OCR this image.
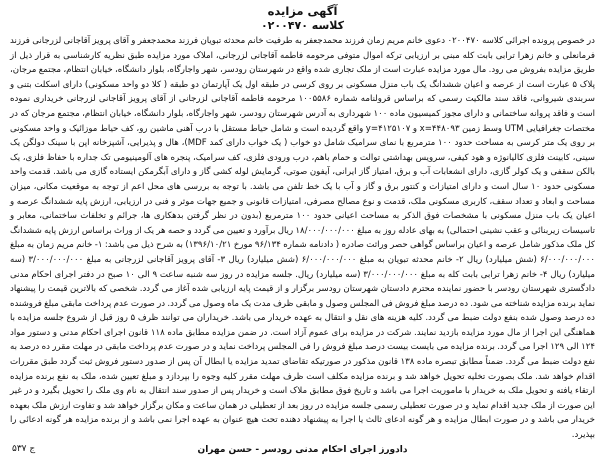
آگهی مزایده

کلاسه ۰۲۰۰۴۷۰

در خصوص پرونده اجرائی کلاسه ۰۲۰۰۴۷۰ دعوی خانم مریم زمان فرزند محمدجعفر به طرفیت خانم محدثه تبویان فرزند محمدجعفر و آقای پرویز آقاجانی لزرجانی فرزند فرمانعلی و خانم زهرا ترابی بابت کله مبنی بر ارزیابی ترکه اموال متوفی مرحومه فاطمه آقاجانی لزرجانی، املاک مورد مزایده طبق نظریه کارشناسی به قرار ذیل از طریق مزایده بفروش می رود. مال مورد مزایده عبارت است از ملک تجاری شده واقع در شهرستان رودسر، شهر واجارگاه، بلوار دانشگاه، خیابان انتظام، مجتمع مرجان، پلاک ۵ عبارت است از عرصه و اعیان ششدانگ یک باب منزل مسکونی بر روی کرسی در طبقه اول یک آپارتمان دو طبقه ( کلا دو واحد مسکونی) دارای اسکلت بتنی و سربندی شیروانی، فاقد سند مالکیت رسمی که براساس قرولنامه شماره ۱۰۰۵۵۸۶ مرحومه فاطمه آقاجانی لزرجانی از آقای پرویز آقاجانی لزرجانی خریداری نموده است و فاقد پروانه ساختمانی و دارای مجوز کمیسیون ماده ۱۰۰ شهرداری به آدرس شهرستان رودسر، شهر واجارگاه، بلوار دانشگاه، خیابان انتظام، مجتمع مرجان که در مختصات جغرافیایی UTM وسط زمین ۴۴۸۰۹۳=x و ۴۱۲۵۱۰۷=y واقع گردیده است و شامل حیاط مستقل با درب آهنی ماشین رو، کف حیاط موزائیک و واحد مسکونی بر روی یک متر کرسی به مساحت حدود ۱۰۰ مترمربع با نمای سرامیک شامل دو خواب ( یک خواب دارای کمد MDF)، هال و پذیرایی، آشپزخانه اپن با سینک دولگن یک سینی، کابینت فلزی کالیانوژه و هود کیفی، سرویس بهداشتی توالت و حمام باهم، درب ورودی فلزی، کف سرامیک، پنجره های آلومینیومی تک جداره با حفاظ فلزی، یک بالکن سقفی و یک کولر گازی، دارای انشعابات آب و برق، امتیاز گاز ایرانی، آیفون صوتی، گرمایش لوله کشی گاز و دارای آبگرمکن ایستاده گازی می باشد. قدمت واحد مسکونی حدود ۱۰ سال است و دارای امتیازات و کنتور برق و گاز و آب با یک خط تلفن می باشد. با توجه به بررسی های محل اعم از توجه به موقعیت مکانی، میزان مساحت و ابعاد و تعداد سقف، کاربری مسکونی ملک، قدمت و نوع مصالح مصرفی، امتیازات قانونی و جمیع جهات موثر و فنی در ارزیابی، ارزش پایه ششدانگ عرصه و اعیان یک باب منزل مسکونی با مشخصات فوق الذکر به مساحت اعیانی حدود ۱۰۰ مترمربع (بدون در نظر گرفتن بدهکاری ها، جرائم و تخلفات ساختمانی، معابر و تاسیسات زیربنائی و عقب نشینی احتمالی) به بهای عادله روز به مبلغ ۱۸/۰۰۰/۰۰۰/۰۰۰ ریال برآورد و تعیین می گردد و حصه هر یک از وراث براساس ارزش پایه ششدانگ کل ملک مذکور شامل عرصه و اعیان براساس گواهی حصر وراثت صادره ( دادنامه شماره ۹۶/۱۳۴ مورخ ۱۳۹۶/۱۰/۲۱) به شرح ذیل می باشد: ۱- خانم مریم زمان به مبلغ ۶/۰۰۰/۰۰۰/۰۰۰ (شش میلیارد) ریال ۲- خانم محدثه تبویان به مبلغ ۶/۰۰۰/۰۰۰/۰۰۰ (شش میلیارد) ریال ۳- آقای پرویز آقاجانی لزرجانی به مبلغ ۳/۰۰۰/۰۰۰/۰۰۰ (سه میلیارد) ریال ۴- خانم زهرا ترابی بابت کله به مبلغ ۳/۰۰۰/۰۰۰/۰۰۰ (سه میلیارد) ریال. جلسه مزایده در روز سه شنبه ساعت ۹ الی ۱۰ صبح در دفتر اجرای احکام مدنی دادگستری شهرستان رودسر با حضور نماینده محترم دادستان شهرستان رودسر برگزار و از قیمت پایه ارزیابی شده آغاز می گردد. شخصی که بالاترین قیمت را پیشنهاد نماید برنده مزایده شناخته می شود. ده درصد مبلغ فروش فی المجلس وصول و مابقی ظرف مدت یک ماه وصول می گردد. در صورت عدم پرداخت مابقی مبلغ فروشنده ده درصد وصول شده بنفع دولت ضبط می گردد. کلیه هزینه های نقل و انتقال به عهده خریدار می باشد. خریداران می توانند ظرف ۵ روز قبل از شروع جلسه مزایده با هماهنگی این اجرا از مال مورد مزایده بازدید نمایند. شرکت در مزایده برای عموم آزاد است. در ضمن مزایده مطابق ماده ۱۱۸ قانون اجرای احکام مدنی و دستور مواد ۱۲۴ الی ۱۲۹ اجرا می گردد. برنده مزایده می بایست بیست درصد مبلغ فروش را فی المجلس پرداخت نماید و در صورت عدم پرداخت مابقی در مهلت مقرر ده درصد به نفع دولت ضبط می گردد. ضمناً مطابق تبصره ماده ۱۳۸ قانون مذکور در صورتیکه تقاضای تمدید مزایده یا ابطال آن پس از صدور دستور فروش ثبت گردد طبق مقررات اقدام خواهد شد. ملک بصورت تخلیه تحویل خواهد شد و برنده مزایده مکلف است ظرف مهلت مقرر کلیه وجوه را بپردازد و مبلغ تعیین شده، ملک به نفع برنده مزایده ارتقاء یافته و تحویل ملک به خریدار با ماموریت اجرا می باشد و تاریخ فوق مطابق ملاک است و خریدار پس از صدور سند انتقال به نام وی ملک را تحویل بگیرد و در غیر این صورت از ملک جدید اقدام نماید و در صورت تعطیلی رسمی جلسه مزایده در روز بعد از تعطیلی در همان ساعت و مکان برگزار خواهد شد و تفاوت ارزش ملک بعهده خریدار می باشد و در صورت ابطال مزایده و هر گونه ادعای ثالث یا اجرا به پیشنهاد دهنده تحت هیچ عنوان به عهده اجرا نمی باشد و از برنده مزایده هر گونه ادعائی را بپذیرد.

دادورز اجرای احکام مدنی رودسر - حسن مهران
ج ۵۳۷
